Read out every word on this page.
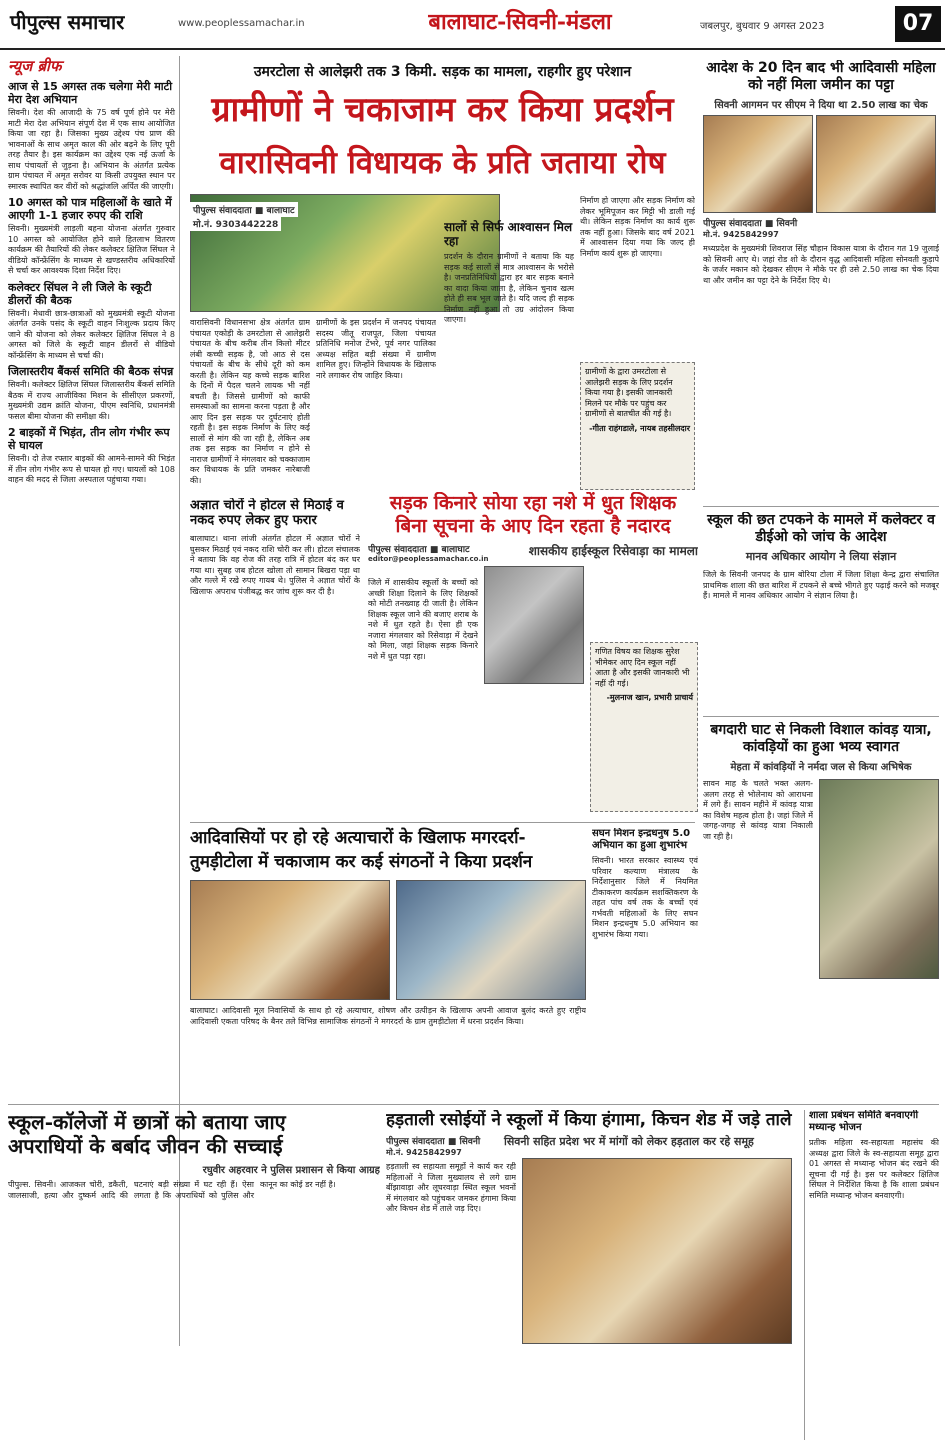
पीपुल्स समाचार	www.peoplessamachar.in	बालाघाट-सिवनी-मंडला	जबलपुर, बुधवार 9 अगस्त 2023	07
न्यूज ब्रीफ
आज से 15 अगस्त तक चलेगा मेरी माटी मेरा देश अभियान
सिवनी। देश की आजादी के 75 वर्ष पूर्ण होने पर मेरी माटी मेरा देश अभियान संपूर्ण देश में एक साथ आयोजित किया जा रहा है। जिसका मुख्य उद्देश्य पंच प्राण की भावनाओं के साथ अमृत काल की ओर बढ़ने के लिए पूरी तरह तैयार है। इस कार्यक्रम का उद्देश्य एक नई ऊर्जा के साथ पंचायतों से जुड़ना है। अभियान के अंतर्गत प्रत्येक ग्राम पंचायत में अमृत सरोवर या किसी उपयुक्त स्थान पर स्मारक स्थापित कर वीरों को श्रद्धांजलि अर्पित की जाएगी।
10 अगस्त को पात्र महिलाओं के खाते में आएगी 1-1 हजार रुपए की राशि
सिवनी। मुख्यमंत्री लाड़ली बहना योजना अंतर्गत गुरुवार 10 अगस्त को आयोजित होने वाले हितलाभ वितरण कार्यक्रम की तैयारियों की लेकर कलेक्टर क्षितिज सिंघल ने वीडियो कॉन्फ्रेंसिंग के माध्यम से खण्डस्तरीय अधिकारियों से चर्चा कर आवश्यक दिशा निर्देश दिए।
कलेक्टर सिंघल ने ली जिले के स्कूटी डीलरों की बैठक
सिवनी। मेधावी छात्र-छात्राओं को मुख्यमंत्री स्कूटी योजना अंतर्गत उनके पसंद के स्कूटी वाहन निःशुल्क प्रदाय किए जाने की योजना को लेकर कलेक्टर क्षितिज सिंघल ने 8 अगस्त को जिले के स्कूटी वाहन डीलरों से वीडियो कॉन्फ्रेंसिंग के माध्यम से चर्चा की।
जिलास्तरीय बैंकर्स समिति की बैठक संपन्न
सिवनी। कलेक्टर क्षितिज सिंघल जिलास्तरीय बैंकर्स समिति बैठक में राज्य आजीविका मिशन के सीसीएल प्रकरणों, मुख्यमंत्री उद्यम क्रांति योजना, पीएम स्वनिधि, प्रधानमंत्री फसल बीमा योजना की समीक्षा की।
2 बाइकों में भिड़ंत, तीन लोग गंभीर रूप से घायल
सिवनी। दो तेज रफ्तार बाइकों की आमने-सामने की भिड़ंत में तीन लोग गंभीर रूप से घायल हो गए। घायलों को 108 वाहन की मदद से जिला अस्पताल पहुंचाया गया।
उमरटोला से आलेझरी तक 3 किमी. सड़क का मामला, राहगीर हुए परेशान
ग्रामीणों ने चकाजाम कर किया प्रदर्शन
वारासिवनी विधायक के प्रति जताया रोष
पीपुल्स संवाददाता ■ बालाघाट
मो.नं. 9303442228
वारासिवनी विधानसभा क्षेत्र अंतर्गत ग्राम पंचायत एकोड़ी के उमरटोला से आलेझरी पंचायत के बीच करीब तीन किलो मीटर लंबी कच्ची सड़क है, जो आठ से दस पंचायतों के बीच के सीधे दूरी को कम करती है। लेकिन यह कच्चे सड़क बारिश के दिनों में पैदल चलने लायक भी नहीं बचती है। जिससे ग्रामीणों को काफी समस्याओं का सामना करना पड़ता है और आए दिन इस सड़क पर दुर्घटनाएं होती रहती है। इस सड़क निर्माण के लिए कई सालों से मांग की जा रही है, लेकिन अब तक इस सड़क का निर्माण न होने से नाराज ग्रामीणों ने मंगलवार को चक्काजाम कर विधायक के प्रति जमकर नारेबाजी की।
ग्रामीणों के इस प्रदर्शन में जनपद पंचायत सदस्य जीतू राजपूत, जिला पंचायत प्रतिनिधि मनोज टेंभरे, पूर्व नगर पालिका अध्यक्ष सहित बड़ी संख्या में ग्रामीण शामिल हुए। जिन्होंने विधायक के खिलाफ नारे लगाकर रोष जाहिर किया।
सालों से सिर्फ आश्वासन मिल रहा
प्रदर्शन के दौरान ग्रामीणों ने बताया कि यह सड़क कई सालों से मात्र आश्वासन के भरोसे है। जनप्रतिनिधियों द्वारा हर बार सड़क बनाने का वादा किया जाता है, लेकिन चुनाव खत्म होते ही सब भूल जाते है। यदि जल्द ही सड़क निर्माण नहीं हुआ तो उग्र आंदोलन किया जाएगा।
निर्माण हो जाएगा और सड़क निर्माण को लेकर भूमिपूजन कर मिट्टी भी डाली गई थी। लेकिन सड़क निर्माण का कार्य शुरू तक नहीं हुआ। जिसके बाद वर्ष 2021 में आश्वासन दिया गया कि जल्द ही निर्माण कार्य शुरू हो जाएगा।
ग्रामीणों के द्वारा उमरटोला से आलेझरी सड़क के लिए प्रदर्शन किया गया है। इसकी जानकारी मिलने पर मौके पर पहुंच कर ग्रामीणों से बातचीत की गई है।
-गीता राहंगडाले, नायब तहसीलदार
अज्ञात चोरों ने होटल से मिठाई व नकद रुपए लेकर हुए फरार
बालाघाट। थाना लांजी अंतर्गत होटल में अज्ञात चोरों ने घुसकर मिठाई एवं नकद राशि चोरी कर ली। होटल संचालक ने बताया कि वह रोज की तरह रात्रि में होटल बंद कर घर गया था। सुबह जब होटल खोला तो सामान बिखरा पड़ा था और गल्ले में रखे रुपए गायब थे। पुलिस ने अज्ञात चोरों के खिलाफ अपराध पंजीबद्ध कर जांच शुरू कर दी है।
सड़क किनारे सोया रहा नशे में धुत शिक्षक
बिना सूचना के आए दिन रहता है नदारद
पीपुल्स संवाददाता ■ बालाघाट
editor@peoplessamachar.co.in
शासकीय हाईस्कूल रिसेवाड़ा का मामला
जिले में शासकीय स्कूलों के बच्चों को अच्छी शिक्षा दिलाने के लिए शिक्षकों को मोटी तनख्वाह दी जाती है। लेकिन शिक्षक स्कूल जाने की बजाए शराब के नशे में धुत रहते है। ऐसा ही एक नजारा मंगलवार को रिसेवाड़ा में देखने को मिला, जहां शिक्षक सड़क किनारे नशे में धुत पड़ा रहा।	गणित विषय का शिक्षक सुरेश भीमेकर आए दिन स्कूल नहीं आता है और इसकी जानकारी भी नहीं दी गई।
-मुलनाज खान, प्रभारी प्राचार्य
आदिवासियों पर हो रहे अत्याचारों के खिलाफ मगरदर्रा-
तुमड़ीटोला में चकाजाम कर कई संगठनों ने किया प्रदर्शन
बालाघाट। आदिवासी मूल निवासियों के साथ हो रहे अत्याचार, शोषण और उत्पीड़न के खिलाफ अपनी आवाज बुलंद करते हुए राष्ट्रीय आदिवासी एकता परिषद के बैनर तले विभिन्न सामाजिक संगठनों ने मगरदर्रा के ग्राम तुमड़ीटोला में धरना प्रदर्शन किया।
सघन मिशन इन्द्रधनुष 5.0 अभियान का हुआ शुभारंभ
सिवनी। भारत सरकार स्वास्थ्य एवं परिवार कल्याण मंत्रालय के निर्देशानुसार जिले में नियमित टीकाकरण कार्यक्रम सशक्तिकरण के तहत पांच वर्ष तक के बच्चों एवं गर्भवती महिलाओं के लिए सघन मिशन इन्द्रधनुष 5.0 अभियान का शुभारंभ किया गया।
आदेश के 20 दिन बाद भी आदिवासी महिला को नहीं मिला जमीन का पट्टा
सिवनी आगमन पर सीएम ने दिया था 2.50 लाख का चेक
पीपुल्स संवाददाता ■ सिवनी
मो.नं. 9425842997
मध्यप्रदेश के मुख्यमंत्री शिवराज सिंह चौहान विकास यात्रा के दौरान गत 19 जुलाई को सिवनी आए थे। जहां रोड शो के दौरान वृद्ध आदिवासी महिला सोनवती कुड़ापे के जर्जर मकान को देखकर सीएम ने मौके पर ही उसे 2.50 लाख का चेक दिया था और जमीन का पट्टा देने के निर्देश दिए थे।
स्कूल की छत टपकने के मामले में कलेक्टर व डीईओ को जांच के आदेश
मानव अधिकार आयोग ने लिया संज्ञान
जिले के सिवनी जनपद के ग्राम बोरिया टोला में जिला शिक्षा केन्द्र द्वारा संचालित प्राथमिक शाला की छत बारिश में टपकने से बच्चे भीगते हुए पढ़ाई करने को मजबूर हैं। मामले में मानव अधिकार आयोग ने संज्ञान लिया है।
बगदारी घाट से निकली विशाल कांवड़ यात्रा, कांवड़ियों का हुआ भव्य स्वागत
मेहता में कांवड़ियों ने नर्मदा जल से किया अभिषेक
सावन माह के चलते भक्त अलग-अलग तरह से भोलेनाथ को आराधना में लगे हैं। सावन महीने में कांवड़ यात्रा का विशेष महत्व होता है। जहां जिले में जगह-जगह से कांवड़ यात्रा निकाली जा रही है।
स्कूल-कॉलेजों में छात्रों को बताया जाए
अपराधियों के बर्बाद जीवन की सच्चाई
रघुवीर अहरवार ने पुलिस प्रशासन से किया आग्रह
पीपुल्स. सिवनी। आजकल चोरी, डकैती, जालसाजी, हत्या और दुष्कर्म आदि की घटनाएं बड़ी संख्या में घट रही हैं। ऐसा लगता है कि अपराधियों को पुलिस और कानून का कोई डर नहीं है।
हड़ताली रसोईयों ने स्कूलों में किया हंगामा, किचन शेड में जड़े ताले
पीपुल्स संवाददाता ■ सिवनी
मो.नं. 9425842997
सिवनी सहित प्रदेश भर में मांगों को लेकर हड़ताल कर रहे समूह
हड़ताली स्व सहायता समूहों ने कार्य कर रही महिलाओं ने जिला मुख्यालय से लगे ग्राम बींझावाड़ा और लूघरवाड़ा स्थित स्कूल भवनों में मंगलवार को पहुंचकर जमकर हंगामा किया और किचन शेड में ताले जड़ दिए।
शाला प्रबंधन समिति बनवाएगी मध्यान्ह भोजन
प्रतीक महिला स्व-सहायता महासंघ की अध्यक्ष द्वारा जिले के स्व-सहायता समूह द्वारा 01 अगस्त से मध्यान्ह भोजन बंद रखने की सूचना दी गई है। इस पर कलेक्टर क्षितिज सिंघल ने निर्देशित किया है कि शाला प्रबंधन समिति मध्यान्ह भोजन बनवाएगी।
